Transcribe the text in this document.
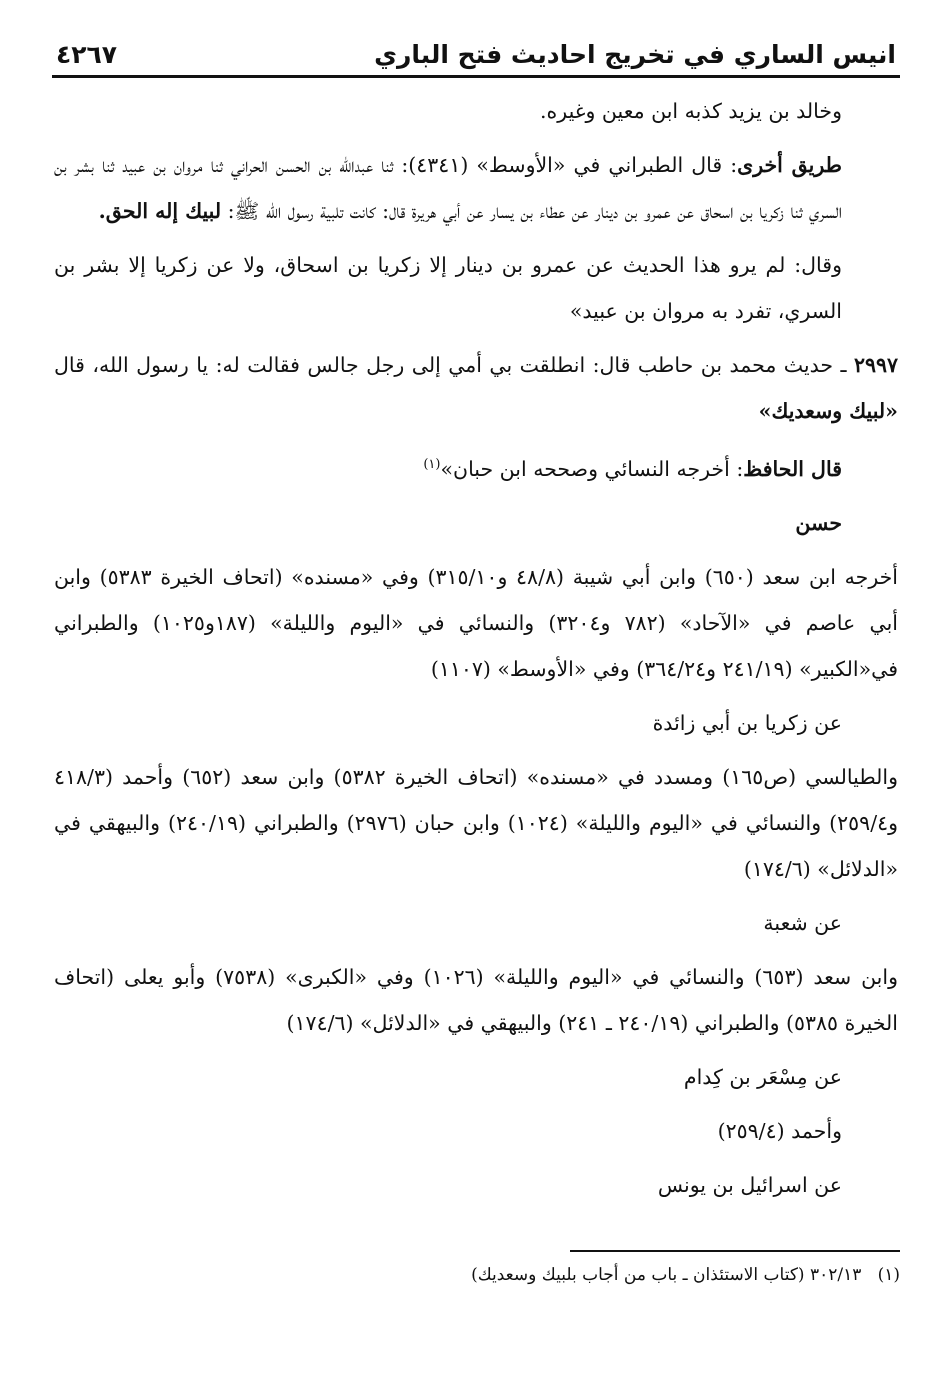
انيس الساري في تخريج احاديث فتح الباري
٤٢٦٧
وخالد بن يزيد كذبه ابن معين وغيره.
طريق أخرى: قال الطبراني في «الأوسط» (٤٣٤١): ثنا عبدالله بن الحسن الحراني ثنا مروان بن عبيد ثنا بشر بن السري ثنا زكريا بن اسحاق عن عمرو بن دينار عن عطاء بن يسار عن أبي هريرة قال: كانت تلبية رسول الله ﷺ: لبيك إله الحق.
وقال: لم يرو هذا الحديث عن عمرو بن دينار إلا زكريا بن اسحاق، ولا عن زكريا إلا بشر بن السري، تفرد به مروان بن عبيد»
٢٩٩٧ ـ حديث محمد بن حاطب قال: انطلقت بي أمي إلى رجل جالس فقالت له: يا رسول الله، قال «لبيك وسعديك»
قال الحافظ: أخرجه النسائي وصححه ابن حبان»$^{(١)}$
حسن
أخرجه ابن سعد (٦٥٠) وابن أبي شيبة (٤٨/٨ و٣١٥/١٠) وفي «مسنده» (اتحاف الخيرة ٥٣٨٣) وابن أبي عاصم في «الآحاد» (٧٨٢ و٣٢٠٤) والنسائي في «اليوم والليلة» (١٨٧و١٠٢٥) والطبراني في«الكبير» (٢٤١/١٩ و٣٦٤/٢٤) وفي «الأوسط» (١١٠٧)
عن زكريا بن أبي زائدة
والطيالسي (ص١٦٥) ومسدد في «مسنده» (اتحاف الخيرة ٥٣٨٢) وابن سعد (٦٥٢) وأحمد (٤١٨/٣ و٢٥٩/٤) والنسائي في «اليوم والليلة» (١٠٢٤) وابن حبان (٢٩٧٦) والطبراني (٢٤٠/١٩) والبيهقي في «الدلائل» (١٧٤/٦)
عن شعبة
وابن سعد (٦٥٣) والنسائي في «اليوم والليلة» (١٠٢٦) وفي «الكبرى» (٧٥٣٨) وأبو يعلى (اتحاف الخيرة ٥٣٨٥) والطبراني (٢٤٠/١٩ ـ ٢٤١) والبيهقي في «الدلائل» (١٧٤/٦)
عن مِسْعَر بن كِدام
وأحمد (٢٥٩/٤)
عن اسرائيل بن يونس
(١)   ٣٠٢/١٣ (كتاب الاستئذان ـ باب من أجاب بلبيك وسعديك)
